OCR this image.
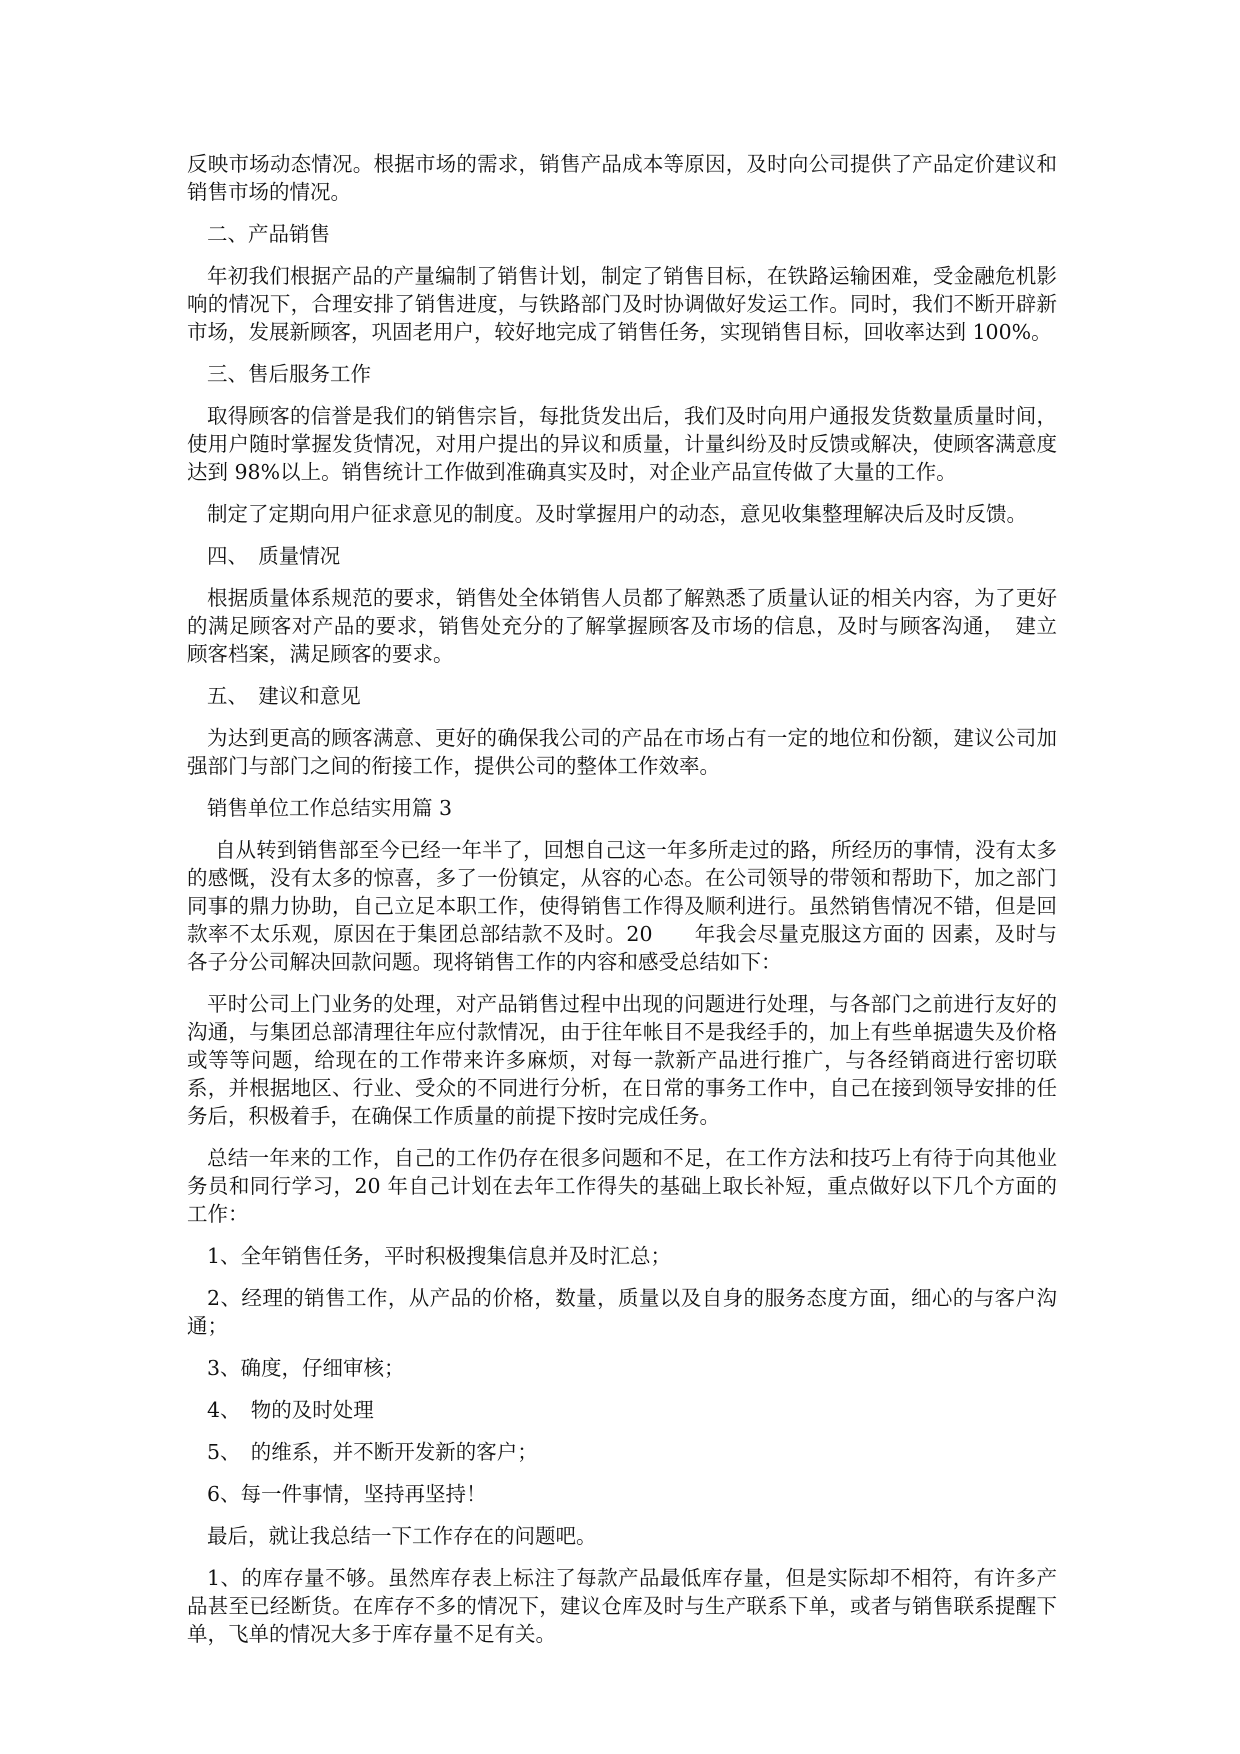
反映市场动态情况。根据市场的需求，销售产品成本等原因，及时向公司提供了产品定价建议和销售市场的情况。

二、产品销售

年初我们根据产品的产量编制了销售计划，制定了销售目标，在铁路运输困难，受金融危机影响的情况下，合理安排了销售进度，与铁路部门及时协调做好发运工作。同时，我们不断开辟新市场，发展新顾客，巩固老用户，较好地完成了销售任务，实现销售目标，回收率达到 100%。

三、售后服务工作

取得顾客的信誉是我们的销售宗旨，每批货发出后，我们及时向用户通报发货数量质量时间，使用户随时掌握发货情况，对用户提出的异议和质量，计量纠纷及时反馈或解决，使顾客满意度达到 98%以上。销售统计工作做到准确真实及时，对企业产品宣传做了大量的工作。

制定了定期向用户征求意见的制度。及时掌握用户的动态，意见收集整理解决后及时反馈。

四、　质量情况

根据质量体系规范的要求，销售处全体销售人员都了解熟悉了质量认证的相关内容，为了更好的满足顾客对产品的要求，销售处充分的了解掌握顾客及市场的信息，及时与顾客沟通，　建立顾客档案，满足顾客的要求。

五、　建议和意见

为达到更高的顾客满意、更好的确保我公司的产品在市场占有一定的地位和份额，建议公司加强部门与部门之间的衔接工作，提供公司的整体工作效率。

销售单位工作总结实用篇 3

自从转到销售部至今已经一年半了，回想自己这一年多所走过的路，所经历的事情，没有太多的感慨，没有太多的惊喜，多了一份镇定，从容的心态。在公司领导的带领和帮助下，加之部门同事的鼎力协助，自己立足本职工作，使得销售工作得及顺利进行。虽然销售情况不错，但是回款率不太乐观，原因在于集团总部结款不及时。20　　年我会尽量克服这方面的 因素，及时与各子分公司解决回款问题。现将销售工作的内容和感受总结如下：

平时公司上门业务的处理，对产品销售过程中出现的问题进行处理，与各部门之前进行友好的沟通，与集团总部清理往年应付款情况，由于往年帐目不是我经手的，加上有些单据遗失及价格或等等问题，给现在的工作带来许多麻烦，对每一款新产品进行推广，与各经销商进行密切联系，并根据地区、行业、受众的不同进行分析，在日常的事务工作中，自己在接到领导安排的任务后，积极着手，在确保工作质量的前提下按时完成任务。

总结一年来的工作，自己的工作仍存在很多问题和不足，在工作方法和技巧上有待于向其他业务员和同行学习，20 年自己计划在去年工作得失的基础上取长补短，重点做好以下几个方面的工作：

1、全年销售任务，平时积极搜集信息并及时汇总；

2、经理的销售工作，从产品的价格，数量，质量以及自身的服务态度方面，细心的与客户沟通；

3、确度，仔细审核；

4、　物的及时处理

5、　的维系，并不断开发新的客户；

6、每一件事情，坚持再坚持！

最后，就让我总结一下工作存在的问题吧。

1、的库存量不够。虽然库存表上标注了每款产品最低库存量，但是实际却不相符，有许多产品甚至已经断货。在库存不多的情况下，建议仓库及时与生产联系下单，或者与销售联系提醒下单，飞单的情况大多于库存量不足有关。
